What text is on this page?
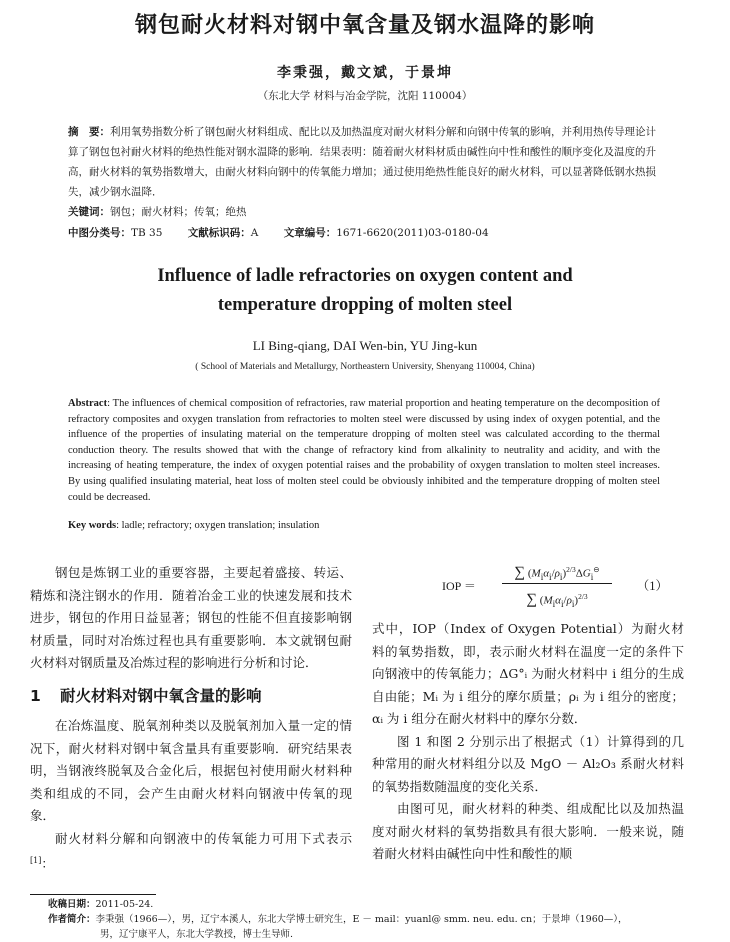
钢包耐火材料对钢中氧含量及钢水温降的影响
李秉强，戴文斌，于景坤
（东北大学 材料与冶金学院，沈阳 110004）
摘　要：利用氧势指数分析了钢包耐火材料组成、配比以及加热温度对耐火材料分解和向钢中传氧的影响，并利用热传导理论计算了钢包包衬耐火材料的绝热性能对钢水温降的影响．结果表明：随着耐火材料材质由碱性向中性和酸性的顺序变化及温度的升高，耐火材料的氧势指数增大，由耐火材料向钢中的传氧能力增加；通过使用绝热性能良好的耐火材料，可以显著降低钢水热损失，减少钢水温降．
关键词：钢包；耐火材料；传氧；绝热
中图分类号：TB 35 文献标识码：A 文章编号：1671-6620(2011)03-0180-04
Influence of ladle refractories on oxygen content and
temperature dropping of molten steel
LI Bing-qiang, DAI Wen-bin, YU Jing-kun
( School of Materials and Metallurgy, Northeastern University, Shenyang 110004, China)
Abstract: The influences of chemical composition of refractories, raw material proportion and heating temperature on the decomposition of refractory composites and oxygen translation from refractories to molten steel were discussed by using index of oxygen potential, and the influence of the properties of insulating material on the temperature dropping of molten steel was calculated according to the thermal conduction theory. The results showed that with the change of refractory kind from alkalinity to neutrality and acidity, and with the increasing of heating temperature, the index of oxygen potential raises and the probability of oxygen translation to molten steel increases. By using qualified insulating material, heat loss of molten steel could be obviously inhibited and the temperature dropping of molten steel could be decreased.
Key words: ladle; refractory; oxygen translation; insulation

钢包是炼钢工业的重要容器，主要起着盛接、转运、精炼和浇注钢水的作用．随着冶金工业的快速发展和技术进步，钢包的作用日益显著；钢包的性能不但直接影响钢材质量，同时对冶炼过程也具有重要影响．本文就钢包耐火材料对钢质量及冶炼过程的影响进行分析和讨论．

1 耐火材料对钢中氧含量的影响

在冶炼温度、脱氧剂种类以及脱氧剂加入量一定的情况下，耐火材料对钢中氧含量具有重要影响．研究结果表明，当钢液终脱氧及合金化后，根据包衬使用耐火材料种类和组成的不同，会产生由耐火材料向钢液中传氧的现象．

耐火材料分解和向钢液中的传氧能力可用下式表示[1]：

IOP ＝
∑ $(M_i\alpha_i/\rho_i)^{2/3}\Delta G_i^⊖$
∑ $(M_i\alpha_i/\rho_i)^{2/3}$
（1）

式中，IOP（Index of Oxygen Potential）为耐火材料的氧势指数，即，表示耐火材料在温度一定的条件下向钢液中的传氧能力；ΔG°ᵢ 为耐火材料中 i 组分的生成自由能；Mᵢ 为 i 组分的摩尔质量；ρᵢ 为 i 组分的密度；αᵢ 为 i 组分在耐火材料中的摩尔分数．

图 1 和图 2 分别示出了根据式（1）计算得到的几种常用的耐火材料组分以及 MgO － Al₂O₃ 系耐火材料的氧势指数随温度的变化关系．

由图可见，耐火材料的种类、组成配比以及加热温度对耐火材料的氧势指数具有很大影响．一般来说，随着耐火材料由碱性向中性和酸性的顺

收稿日期：2011-05-24.
作者简介：李秉强（1966—），男，辽宁本溪人，东北大学博士研究生，E － mail：yuanl@ smm. neu. edu. cn；于景坤（1960—），
男，辽宁康平人，东北大学教授，博士生导师.
